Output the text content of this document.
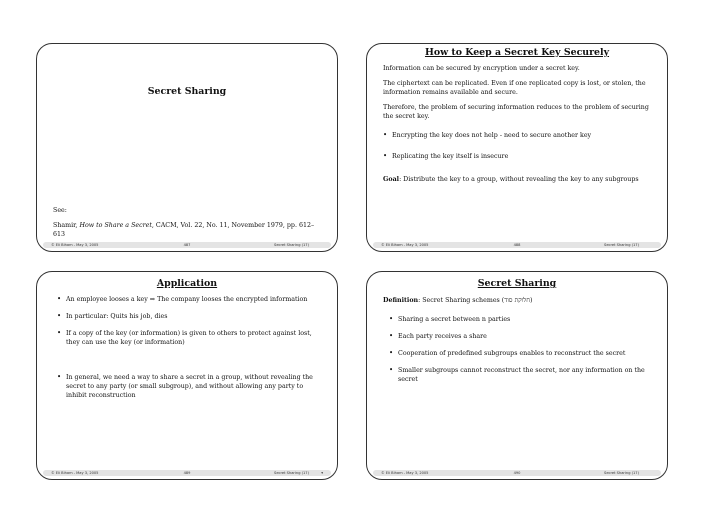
Secret Sharing

See:

Shamir, How to Share a Secret, CACM, Vol. 22, No. 11, November 1979, pp. 612–613

© Eli Biham - May 3, 2005	487	Secret Sharing (17)
How to Keep a Secret Key Securely

Information can be secured by encryption under a secret key.

The ciphertext can be replicated. Even if one replicated copy is lost, or stolen, the information remains available and secure.

Therefore, the problem of securing information reduces to the problem of securing the secret key.

• Encrypting the key does not help - need to secure another key
• Replicating the key itself is insecure

Goal: Distribute the key to a group, without revealing the key to any subgroups

© Eli Biham - May 3, 2005	488	Secret Sharing (17)
Application
• An employee looses a key ⇒ The company looses the encrypted information
• In particular: Quits his job, dies
• If a copy of the key (or information) is given to others to protect against lost, they can use the key (or information)
• In general, we need a way to share a secret in a group, without revealing the secret to any party (or small subgroup), and without allowing any party to inhibit reconstruction
© Eli Biham - May 3, 2005	489	Secret Sharing (17)	▾
Secret Sharing

Definition: Secret Sharing schemes (חלוקת סוד)

• Sharing a secret between n parties
• Each party receives a share
• Cooperation of predefined subgroups enables to reconstruct the secret
• Smaller subgroups cannot reconstruct the secret, nor any information on the secret
© Eli Biham - May 3, 2005	490	Secret Sharing (17)
